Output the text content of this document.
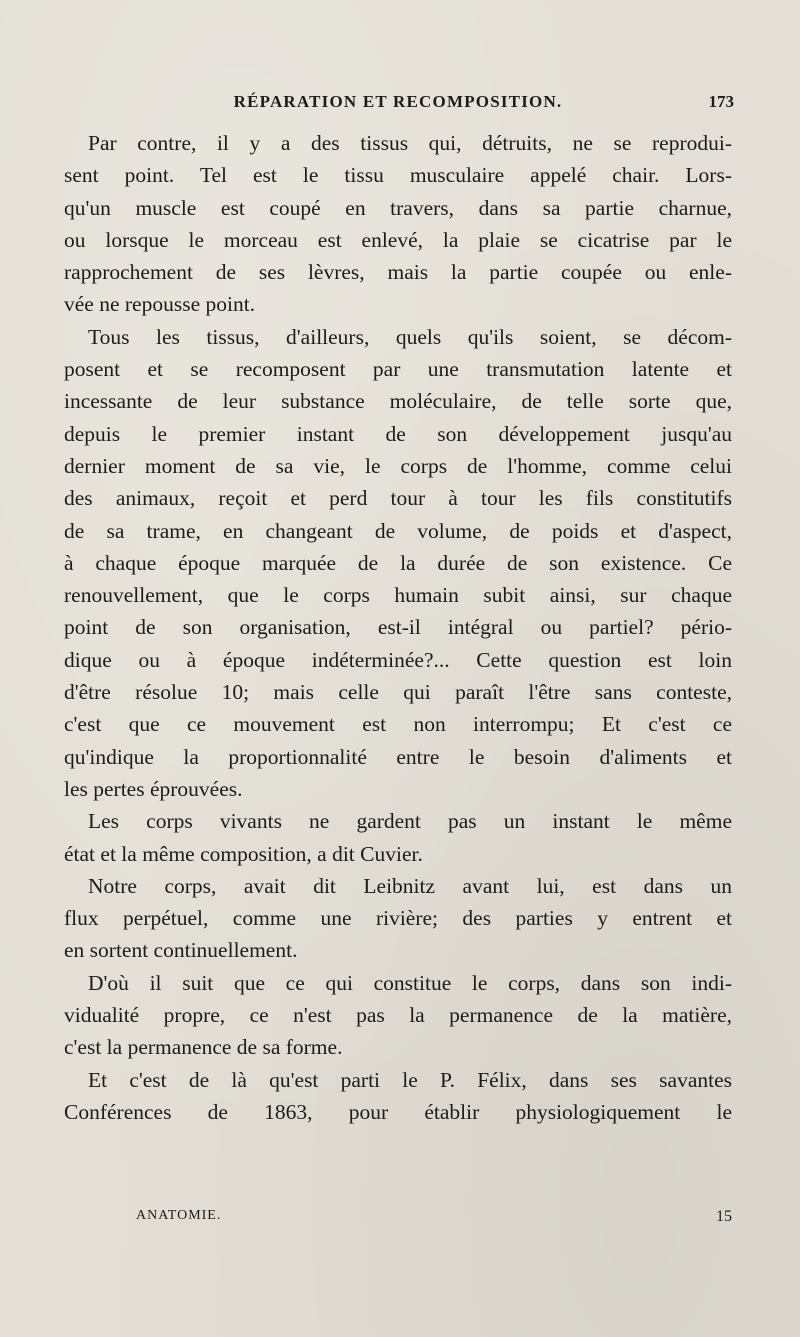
RÉPARATION ET RECOMPOSITION.	173
Par contre, il y a des tissus qui, détruits, ne se reprodui-
sent point. Tel est le tissu musculaire appelé chair. Lors-
qu'un muscle est coupé en travers, dans sa partie charnue,
ou lorsque le morceau est enlevé, la plaie se cicatrise par le
rapprochement de ses lèvres, mais la partie coupée ou enle-
vée ne repousse point.
Tous les tissus, d'ailleurs, quels qu'ils soient, se décom-
posent et se recomposent par une transmutation latente et
incessante de leur substance moléculaire, de telle sorte que,
depuis le premier instant de son développement jusqu'au
dernier moment de sa vie, le corps de l'homme, comme celui
des animaux, reçoit et perd tour à tour les fils constitutifs
de sa trame, en changeant de volume, de poids et d'aspect,
à chaque époque marquée de la durée de son existence. Ce
renouvellement, que le corps humain subit ainsi, sur chaque
point de son organisation, est-il intégral ou partiel? pério-
dique ou à époque indéterminée?... Cette question est loin
d'être résolue 10; mais celle qui paraît l'être sans conteste,
c'est que ce mouvement est non interrompu; Et c'est ce
qu'indique la proportionnalité entre le besoin d'aliments et
les pertes éprouvées.
Les corps vivants ne gardent pas un instant le même
état et la même composition, a dit Cuvier.
Notre corps, avait dit Leibnitz avant lui, est dans un
flux perpétuel, comme une rivière; des parties y entrent et
en sortent continuellement.
D'où il suit que ce qui constitue le corps, dans son indi-
vidualité propre, ce n'est pas la permanence de la matière,
c'est la permanence de sa forme.
Et c'est de là qu'est parti le P. Félix, dans ses savantes
Conférences de 1863, pour établir physiologiquement le
ANATOMIE.	15
